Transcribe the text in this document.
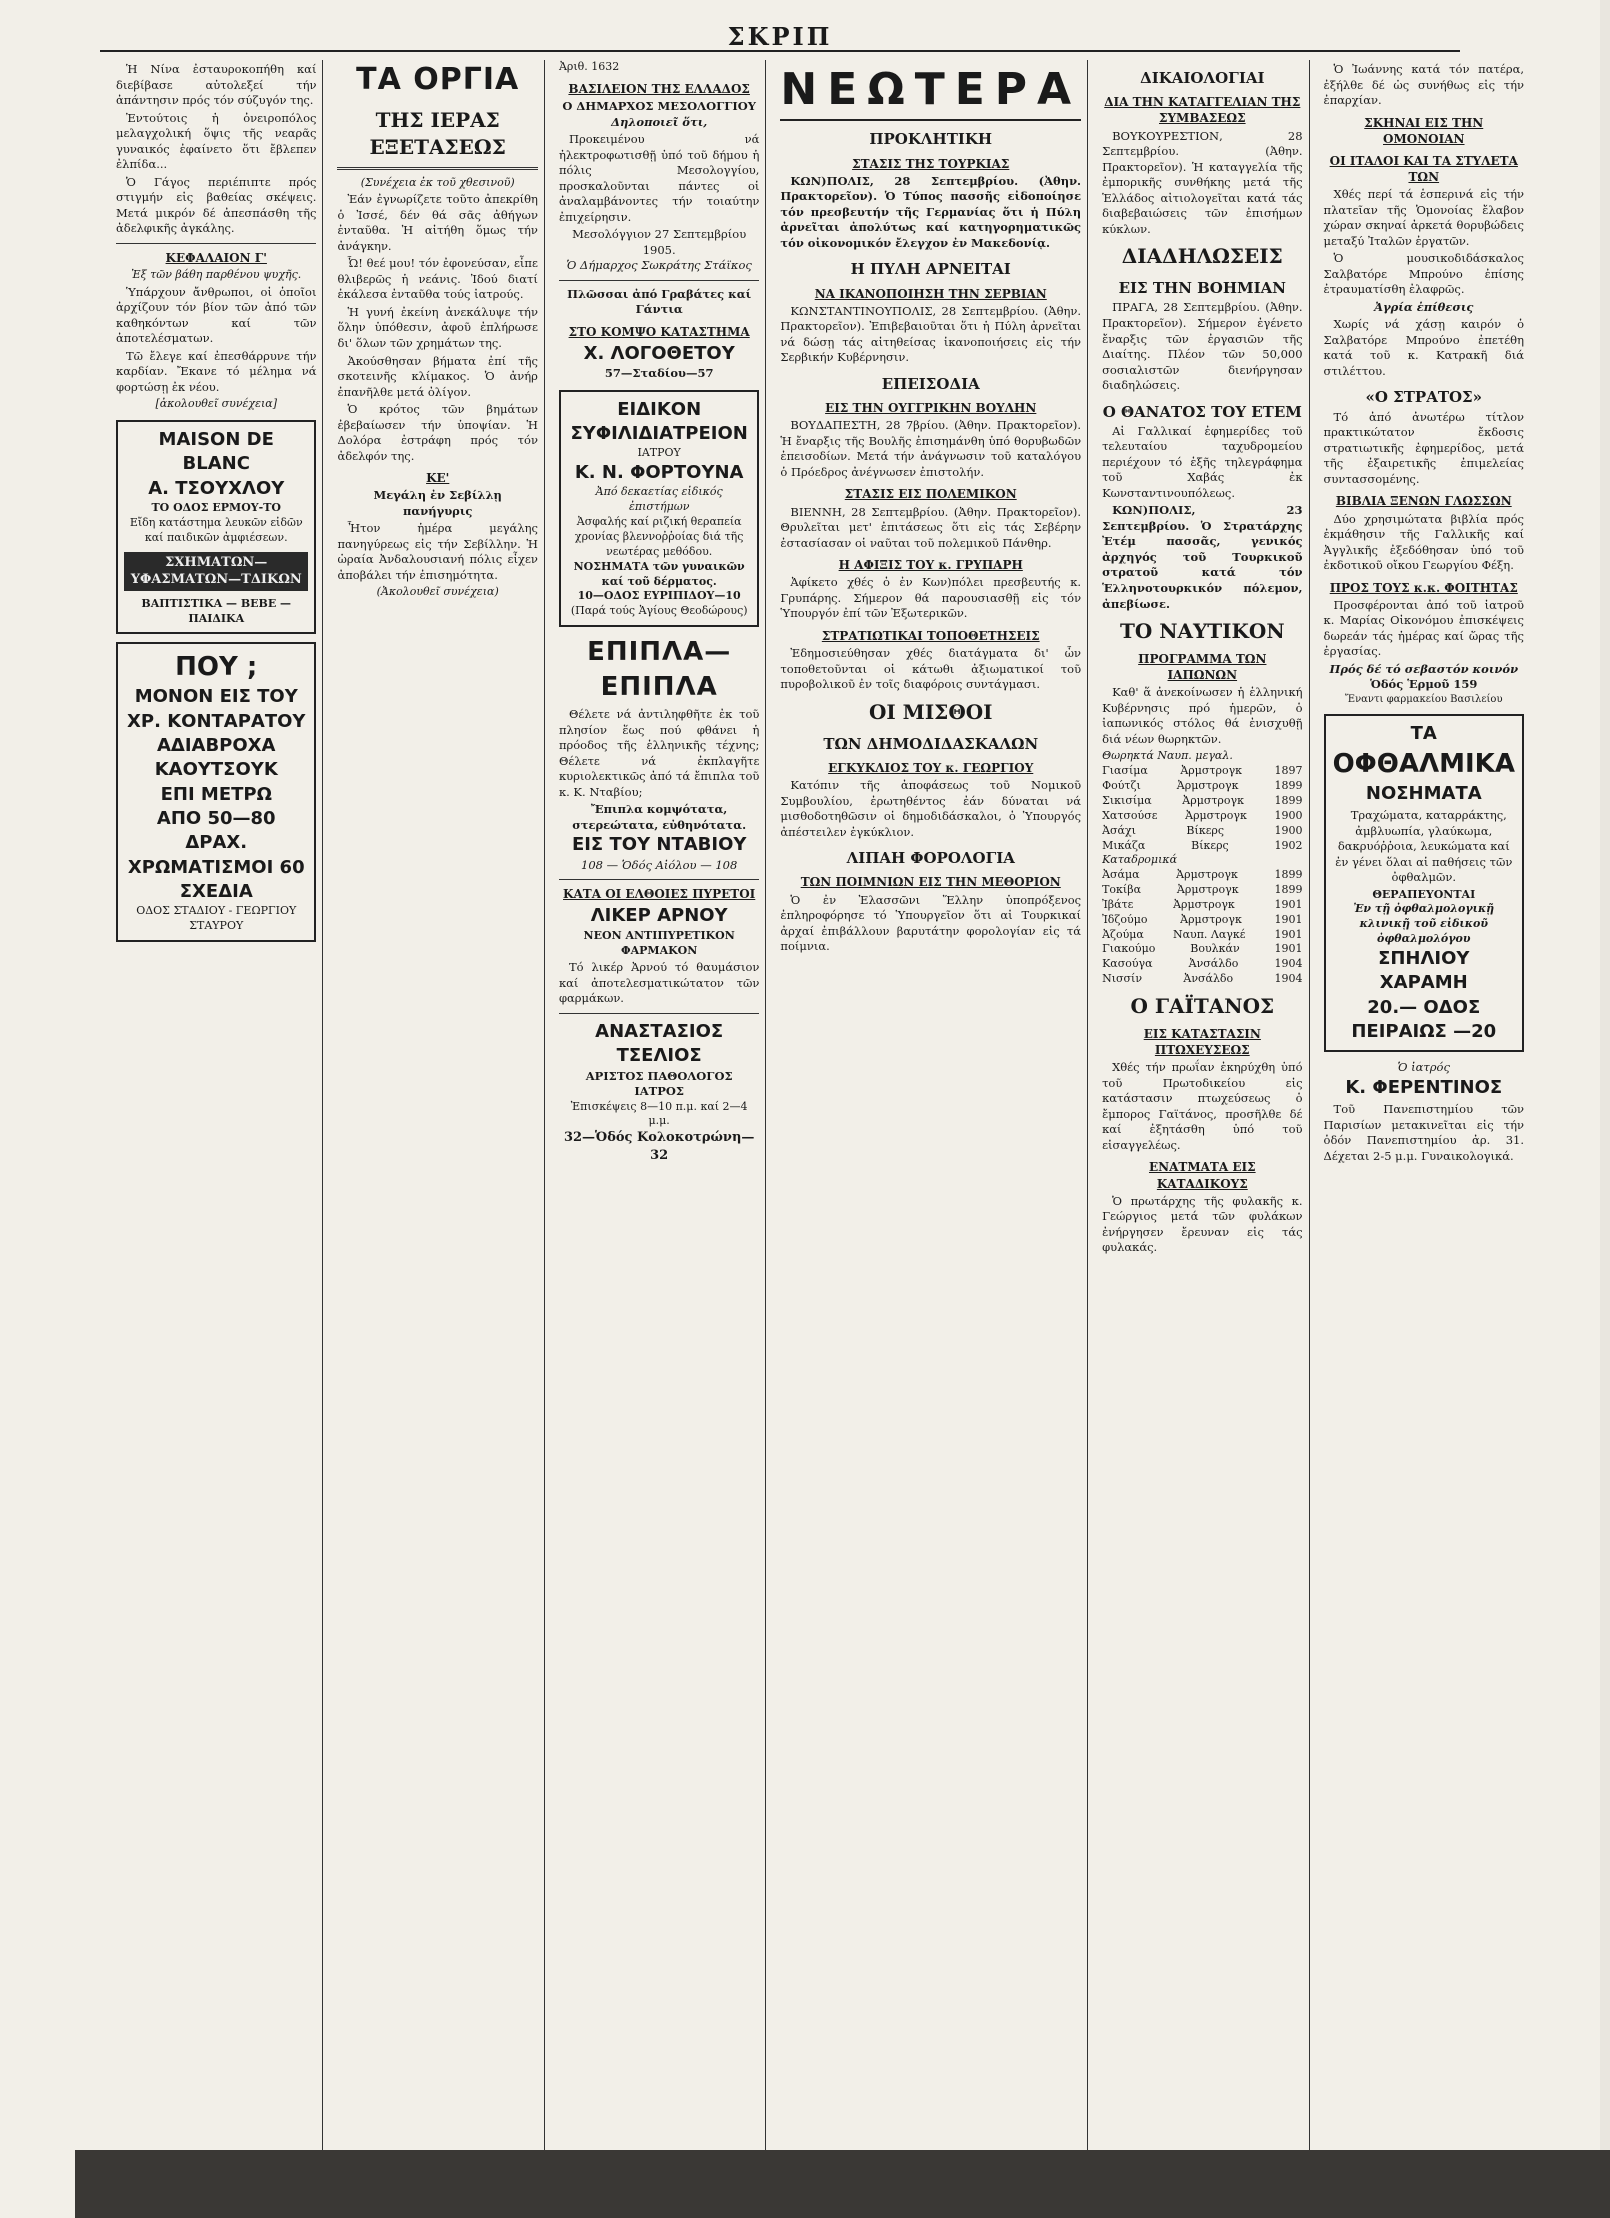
ΣΚΡΙΠ

Ἡ Νίνα ἐσταυροκοπήθη καί διεβίβασε αὐτολεξεί τήν ἀπάντησιν πρός τόν σύζυγόν της.

Ἐντούτοις ἡ ὀνειροπόλος μελαγχολική ὅψις τῆς νεαρᾶς γυναικός ἐφαίνετο ὅτι ἔβλεπεν ἐλπίδα...

Ὁ Γάγος περιέπιπτε πρός στιγμήν εἰς βαθείας σκέψεις. Μετά μικρόν δέ ἀπεσπάσθη τῆς ἀδελφικῆς ἀγκάλης.

ΚΕΦΑΛΑΙΟΝ Γ'
Ἐξ τῶν βάθη παρθένου ψυχῆς.

Ὑπάρχουν ἄνθρωποι, οἱ ὁποῖοι ἀρχίζουν τόν βίον τῶν ἀπό τῶν καθηκόντων καί τῶν ἀποτελέσματων.

Τῶ ἔλεγε καί ἐπεσθάρρυνε τήν καρδίαν. Ἔκανε τό μέλημα νά φορτώσῃ ἐκ νέου.

[ἀκολουθεῖ συνέχεια]
MAISON DE BLANC
Α. ΤΣΟΥΧΛΟΥ
ΤΟ ΟΔΟΣ ΕΡΜΟΥ-ΤΟ
Εἴδη κατάστημα λευκῶν εἰδῶν καί παιδικῶν ἀμφιέσεων.
ΣΧΗΜΑΤΩΝ—ΥΦΑΣΜΑΤΩΝ—ΤΔΙΚΩΝ
ΒΑΠΤΙΣΤΙΚΑ — ΒΕΒΕ — ΠΑΙΔΙΚΑ
ΠΟΥ ;
ΜΟΝΟΝ ΕΙΣ ΤΟΥ
ΧΡ. ΚΟΝΤΑΡΑΤΟΥ
ΑΔΙΑΒΡΟΧΑ
ΚΑΟΥΤΣΟΥΚ
ΕΠΙ ΜΕΤΡΩ
ΑΠΟ 50—80 ΔΡΑΧ.
ΧΡΩΜΑΤΙΣΜΟΙ 60 ΣΧΕΔΙΑ
ΟΔΟΣ ΣΤΑΔΙΟΥ - ΓΕΩΡΓΙΟΥ ΣΤΑΥΡΟΥ
ΤΑ ΟΡΓΙΑ
ΤΗΣ ΙΕΡΑΣ ΕΞΕΤΑΣΕΩΣ
(Συνέχεια ἐκ τοῦ χθεσινοῦ)

Ἐάν ἐγνωρίζετε τοῦτο ἀπεκρίθη ὁ Ἰσσέ, δέν θά σᾶς ἀθήγων ἐνταῦθα. Ἡ αἰτήθη ὅμως τήν ἀνάγκην.

Ὦ! θεέ μου! τόν ἐφονεύσαν, εἶπε θλιβερῶς ἡ νεάνις. Ἰδού διατί ἐκάλεσα ἐνταῦθα τούς ἰατρούς.

Ἡ γυνή ἐκείνη ἀνεκάλυψε τήν ὅλην ὑπόθεσιν, ἀφοῦ ἐπλήρωσε δι' ὅλων τῶν χρημάτων της.

Ἀκούσθησαν βήματα ἐπί τῆς σκοτεινῆς κλίμακος. Ὁ ἀνήρ ἐπανῆλθε μετά ὀλίγον.

Ὁ κρότος τῶν βημάτων ἐβεβαίωσεν τήν ὑποψίαν. Ἡ Δολόρα ἐστράφη πρός τόν ἀδελφόν της.

ΚΕ'
Μεγάλη ἐν Σεβίλλῃ πανήγυρις

Ἦτον ἡμέρα μεγάλης πανηγύρεως εἰς τήν Σεβίλλην. Ἡ ὡραία Ἀνδαλουσιανή πόλις εἶχεν ἀποβάλει τήν ἐπισημότητα.

(Ἀκολουθεῖ συνέχεια)
Ἀριθ. 1632
ΒΑΣΙΛΕΙΟΝ ΤΗΣ ΕΛΛΑΔΟΣ
Ο ΔΗΜΑΡΧΟΣ ΜΕΣΟΛΟΓΓΙΟΥ
Δηλοποιεῖ ὅτι,

Προκειμένου νά ἠλεκτροφωτισθῇ ὑπό τοῦ δήμου ἡ πόλις Μεσολογγίου, προσκαλοῦνται πάντες οἱ ἀναλαμβάνοντες τήν τοιαύτην ἐπιχείρησιν.

Μεσολόγγιον 27 Σεπτεμβρίου 1905.
Ὁ Δήμαρχος Σωκράτης Στάϊκος
Πλῶσσαι ἀπό Γραβάτες καί Γάντια
ΣΤΟ ΚΟΜΨΟ ΚΑΤΑΣΤΗΜΑ
Χ. ΛΟΓΟΘΕΤΟΥ
57—Σταδίου—57
ΕΙΔΙΚΟΝ
ΣΥΦΙΛΙΔΙΑΤΡΕΙΟΝ
ΙΑΤΡΟΥ
Κ. Ν. ΦΟΡΤΟΥΝΑ
Ἀπό δεκαετίας εἰδικός ἐπιστήμων
Ἀσφαλής καί ριζική θεραπεία χρονίας βλεννοῤῥοίας διά τῆς νεωτέρας μεθόδου.
ΝΟΣΗΜΑΤΑ τῶν γυναικῶν καί τοῦ δέρματος.
10—ΟΔΟΣ ΕΥΡΙΠΙΔΟΥ—10
(Παρά τούς Ἁγίους Θεοδώρους)
ΕΠΙΠΛΑ—ΕΠΙΠΛΑ

Θέλετε νά ἀντιληφθῆτε ἐκ τοῦ πλησίον ἕως πού φθάνει ἡ πρόοδος τῆς ἑλληνικῆς τέχνης; Θέλετε νά ἐκπλαγῆτε κυριολεκτικῶς ἀπό τά ἔπιπλα τοῦ κ. Κ. Νταβίου;

Ἔπιπλα κομψότατα, στερεώτατα, εὐθηνότατα.
ΕΙΣ ΤΟΥ ΝΤΑΒΙΟΥ
108 — Ὁδός Αἰόλου — 108
ΚΑΤΑ ΟΙ ΕΛΘΟΙΕΣ ΠΥΡΕΤΟΙ
ΛΙΚΕΡ ΑΡΝΟΥ
ΝΕΟΝ ΑΝΤΙΠΥΡΕΤΙΚΟΝ ΦΑΡΜΑΚΟΝ

Τό λικέρ Ἀρνού τό θαυμάσιον καί ἀποτελεσματικώτατον τῶν φαρμάκων.

ΑΝΑΣΤΑΣΙΟΣ ΤΣΕΛΙΟΣ
ΑΡΙΣΤΟΣ ΠΑΘΟΛΟΓΟΣ ΙΑΤΡΟΣ
Ἐπισκέψεις 8—10 π.μ. καί 2—4 μ.μ.
32—Ὁδός Κολοκοτρώνη—32
ΝΕΩΤΕΡΑ
ΠΡΟΚΛΗΤΙΚΗ
ΣΤΑΣΙΣ ΤΗΣ ΤΟΥΡΚΙΑΣ

ΚΩΝ)ΠΟΛΙΣ, 28 Σεπτεμβρίου. (Ἀθην. Πρακτορεῖον). Ὁ Τύπος πασσῆς εἰδοποίησε τόν πρεσβευτήν τῆς Γερμανίας ὅτι ἡ Πύλη ἀρνεῖται ἀπολύτως καί κατηγορηματικῶς τόν οἰκονομικόν ἔλεγχον ἐν Μακεδονίᾳ.

Η ΠΥΛΗ ΑΡΝΕΙΤΑΙ
ΝΑ ΙΚΑΝΟΠΟΙΗΣΗ ΤΗΝ ΣΕΡΒΙΑΝ

ΚΩΝΣΤΑΝΤΙΝΟΥΠΟΛΙΣ, 28 Σεπτεμβρίου. (Ἀθην. Πρακτορεῖον). Ἐπιβεβαιοῦται ὅτι ἡ Πύλη ἀρνεῖται νά δώσῃ τάς αἰτηθείσας ἱκανοποιήσεις εἰς τήν Σερβικήν Κυβέρνησιν.

ΕΠΕΙΣΟΔΙΑ
ΕΙΣ ΤΗΝ ΟΥΓΓΡΙΚΗΝ ΒΟΥΛΗΝ

ΒΟΥΔΑΠΕΣΤΗ, 28 7βρίου. (Ἀθην. Πρακτορεῖον). Ἡ ἔναρξις τῆς Βουλῆς ἐπισημάνθη ὑπό θορυβωδῶν ἐπεισοδίων. Μετά τήν ἀνάγνωσιν τοῦ καταλόγου ὁ Πρόεδρος ἀνέγνωσεν ἐπιστολήν.

ΣΤΑΣΙΣ ΕΙΣ ΠΟΛΕΜΙΚΟΝ

ΒΙΕΝΝΗ, 28 Σεπτεμβρίου. (Ἀθην. Πρακτορεῖον). Θρυλεῖται μετ' ἐπιτάσεως ὅτι εἰς τάς Σεβέρην ἐστασίασαν οἱ ναῦται τοῦ πολεμικοῦ Πάνθηρ.

Η ΑΦΙΞΙΣ ΤΟΥ κ. ΓΡΥΠΑΡΗ

Ἀφίκετο χθές ὁ ἐν Κων)πόλει πρεσβευτής κ. Γρυπάρης. Σήμερον θά παρουσιασθῇ εἰς τόν Ὑπουργόν ἐπί τῶν Ἐξωτερικῶν.

ΣΤΡΑΤΙΩΤΙΚΑΙ ΤΟΠΟΘΕΤΗΣΕΙΣ

Ἐδημοσιεύθησαν χθές διατάγματα δι' ὧν τοποθετοῦνται οἱ κάτωθι ἀξιωματικοί τοῦ πυροβολικοῦ ἐν τοῖς διαφόροις συντάγμασι.

ΟΙ ΜΙΣΘΟΙ
ΤΩΝ ΔΗΜΟΔΙΔΑΣΚΑΛΩΝ
ΕΓΚΥΚΛΙΟΣ ΤΟΥ κ. ΓΕΩΡΓΙΟΥ

Κατόπιν τῆς ἀποφάσεως τοῦ Νομικοῦ Συμβουλίου, ἐρωτηθέντος ἐάν δύναται νά μισθοδοτηθῶσιν οἱ δημοδιδάσκαλοι, ὁ Ὑπουργός ἀπέστειλεν ἐγκύκλιον.

ΛΙΠΑΗ ΦΟΡΟΛΟΓΙΑ
ΤΩΝ ΠΟΙΜΝΙΩΝ ΕΙΣ ΤΗΝ ΜΕΘΟΡΙΟΝ

Ὁ ἐν Ἐλασσῶνι Ἕλλην ὑποπρόξενος ἐπληροφόρησε τό Ὑπουργεῖον ὅτι αἱ Τουρκικαί ἀρχαί ἐπιβάλλουν βαρυτάτην φορολογίαν εἰς τά ποίμνια.

ΔΙΚΑΙΟΛΟΓΙΑΙ
ΔΙΑ ΤΗΝ ΚΑΤΑΓΓΕΛΙΑΝ ΤΗΣ ΣΥΜΒΑΣΕΩΣ

ΒΟΥΚΟΥΡΕΣΤΙΟΝ, 28 Σεπτεμβρίου. (Ἀθην. Πρακτορεῖον). Ἡ καταγγελία τῆς ἐμπορικῆς συνθήκης μετά τῆς Ἑλλάδος αἰτιολογεῖται κατά τάς διαβεβαιώσεις τῶν ἐπισήμων κύκλων.

ΔΙΑΔΗΛΩΣΕΙΣ
ΕΙΣ ΤΗΝ ΒΟΗΜΙΑΝ

ΠΡΑΓΑ, 28 Σεπτεμβρίου. (Ἀθην. Πρακτορεῖον). Σήμερον ἐγένετο ἔναρξις τῶν ἐργασιῶν τῆς Διαίτης. Πλέον τῶν 50,000 σοσιαλιστῶν διενήργησαν διαδηλώσεις.

Ο ΘΑΝΑΤΟΣ ΤΟΥ ΕΤΕΜ

Αἱ Γαλλικαί ἐφημερίδες τοῦ τελευταίου ταχυδρομείου περιέχουν τό ἑξῆς τηλεγράφημα τοῦ Χαβάς ἐκ Κωνσταντινουπόλεως.

ΚΩΝ)ΠΟΛΙΣ, 23 Σεπτεμβρίου. Ὁ Στρατάρχης Ἐτέμ πασσᾶς, γενικός ἀρχηγός τοῦ Τουρκικοῦ στρατοῦ κατά τόν Ἑλληνοτουρκικόν πόλεμον, ἀπεβίωσε.

ΤΟ ΝΑΥΤΙΚΟΝ
ΠΡΟΓΡΑΜΜΑ ΤΩΝ ΙΑΠΩΝΩΝ

Καθ' ἅ ἀνεκοίνωσεν ἡ ἑλληνική Κυβέρνησις πρό ἡμερῶν, ὁ ἰαπωνικός στόλος θά ἐνισχυθῇ διά νέων θωρηκτῶν.

Θωρηκτά Ναυπ. μεγαλ.
Γιασίμα	Ἀρμστρογκ	1897
Φούτζι	Ἀρμστρογκ	1899
Σικισίμα	Ἀρμστρογκ	1899
Χατσούσε	Ἀρμστρογκ	1900
Ἀσάχι	Βίκερς	1900
Μικάζα	Βίκερς	1902
Καταδρομικά
Ἀσάμα	Ἀρμστρογκ	1899
Τοκίβα	Ἀρμστρογκ	1899
Ἰβάτε	Ἀρμστρογκ	1901
Ἰδζούμο	Ἀρμστρογκ	1901
Ἀζούμα	Ναυπ. Λαγκέ	1901
Γιακούμο	Βουλκάν	1901
Κασούγα	Ἀνσάλδο	1904
Νισσίν	Ἀνσάλδο	1904
Ο ΓΑΪΤΑΝΟΣ
ΕΙΣ ΚΑΤΑΣΤΑΣΙΝ ΠΤΩΧΕΥΣΕΩΣ

Χθές τήν πρωΐαν ἐκηρύχθη ὑπό τοῦ Πρωτοδικείου εἰς κατάστασιν πτωχεύσεως ὁ ἔμπορος Γαϊτάνος, προσῆλθε δέ καί ἐξητάσθη ὑπό τοῦ εἰσαγγελέως.

ΕΝΑΤΜΑΤΑ ΕΙΣ ΚΑΤΑΔΙΚΟΥΣ

Ὁ πρωτάρχης τῆς φυλακῆς κ. Γεώργιος μετά τῶν φυλάκων ἐνήργησεν ἔρευναν εἰς τάς φυλακάς.

Ὁ Ἰωάννης κατά τόν πατέρα, ἐξήλθε δέ ὡς συνήθως εἰς τήν ἐπαρχίαν.

ΣΚΗΝΑΙ ΕΙΣ ΤΗΝ ΟΜΟΝΟΙΑΝ
ΟΙ ΙΤΑΛΟΙ ΚΑΙ ΤΑ ΣΤΥΛΕΤΑ ΤΩΝ

Χθές περί τά ἑσπερινά εἰς τήν πλατεῖαν τῆς Ὁμονοίας ἔλαβον χώραν σκηναί ἀρκετά θορυβώδεις μεταξύ Ἰταλῶν ἐργατῶν.

Ὁ μουσικοδιδάσκαλος Σαλβατόρε Μπρούνο ἐπίσης ἐτραυματίσθη ἐλαφρῶς.

Ἀγρία ἐπίθεσις

Χωρίς νά χάσῃ καιρόν ὁ Σαλβατόρε Μπρούνο ἐπετέθη κατά τοῦ κ. Κατρακῆ διά στιλέττου.

«Ο ΣΤΡΑΤΟΣ»

Τό ἀπό ἀνωτέρω τίτλον πρακτικώτατον ἔκδοσις στρατιωτικῆς ἐφημερίδος, μετά τῆς ἐξαιρετικῆς ἐπιμελείας συντασσομένης.

ΒΙΒΛΙΑ ΞΕΝΩΝ ΓΛΩΣΣΩΝ

Δύο χρησιμώτατα βιβλία πρός ἐκμάθησιν τῆς Γαλλικῆς καί Ἀγγλικῆς ἐξεδόθησαν ὑπό τοῦ ἐκδοτικοῦ οἴκου Γεωργίου Φέξη.

ΠΡΟΣ ΤΟΥΣ κ.κ. ΦΟΙΤΗΤΑΣ

Προσφέρονται ἀπό τοῦ ἰατροῦ κ. Μαρίας Οἰκονόμου ἐπισκέψεις δωρεάν τάς ἡμέρας καί ὥρας τῆς ἐργασίας.

Πρός δέ τό σεβαστόν κοινόν
Ὁδός Ἑρμοῦ 159
Ἔναντι φαρμακείου Βασιλείου
ΤΑ
ΟΦΘΑΛΜΙΚΑ
ΝΟΣΗΜΑΤΑ

Τραχώματα, καταρράκτης, ἀμβλυωπία, γλαύκωμα, δακρυόῤῥοια, λευκώματα καί ἐν γένει ὅλαι αἱ παθήσεις τῶν ὀφθαλμῶν.

ΘΕΡΑΠΕΥΟΝΤΑΙ
Ἐν τῇ ὀφθαλμολογικῇ κλινικῇ τοῦ εἰδικοῦ ὀφθαλμολόγου
ΣΠΗΛΙΟΥ ΧΑΡΑΜΗ
20.— ΟΔΟΣ ΠΕΙΡΑΙΩΣ —20
Ὁ ἰατρός
Κ. ΦΕΡΕΝΤΙΝΟΣ

Τοῦ Πανεπιστημίου τῶν Παρισίων μετακινεῖται εἰς τήν ὁδόν Πανεπιστημίου ἀρ. 31. Δέχεται 2-5 μ.μ. Γυναικολογικά.
